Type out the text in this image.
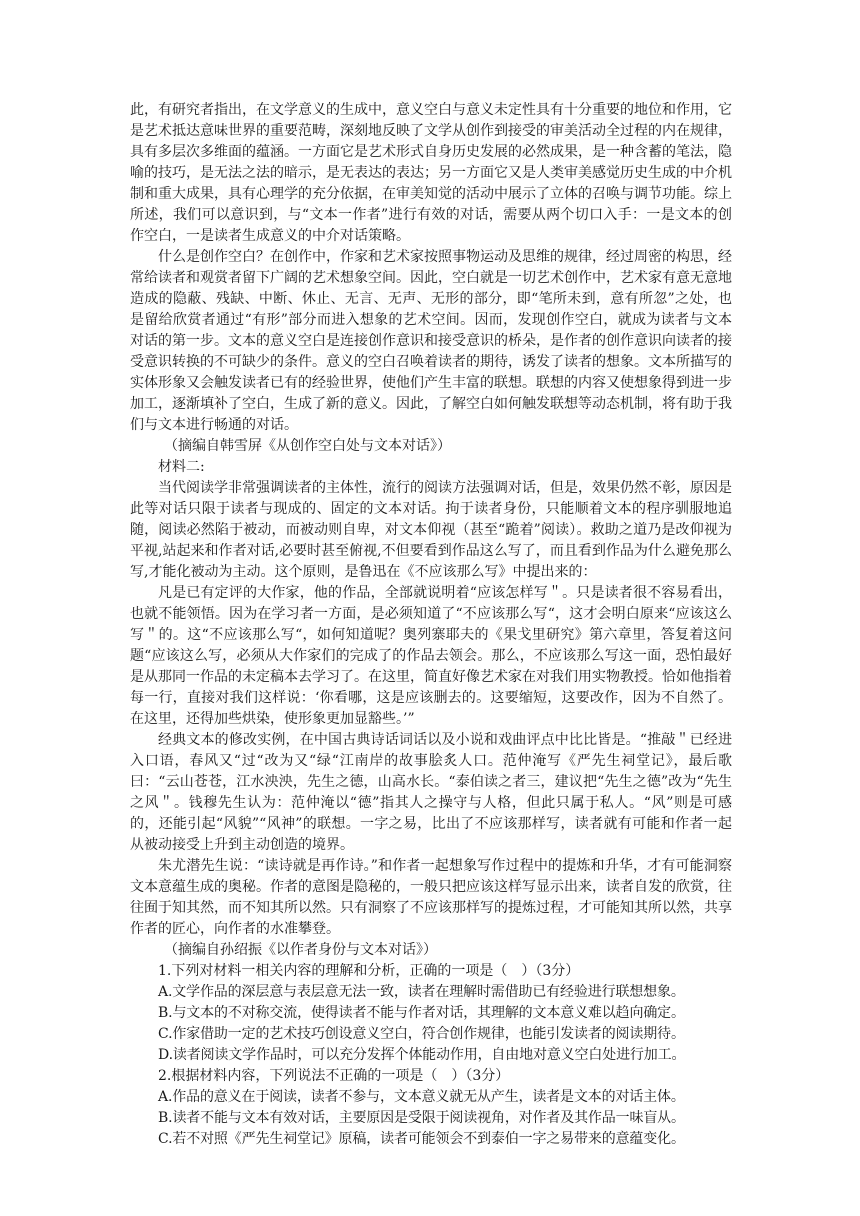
此，有研究者指出，在文学意义的生成中，意义空白与意义未定性具有十分重要的地位和作用，它是艺术抵达意味世界的重要范畴，深刻地反映了文学从创作到接受的审美活动全过程的内在规律，具有多层次多维面的蕴涵。一方面它是艺术形式自身历史发展的必然成果，是一种含蓄的笔法，隐喻的技巧，是无法之法的暗示，是无表达的表达；另一方面它又是人类审美感觉历史生成的中介机制和重大成果，具有心理学的充分依据，在审美知觉的活动中展示了立体的召唤与调节功能。综上所述，我们可以意识到，与“文本一作者”进行有效的对话，需要从两个切口入手：一是文本的创作空白，一是读者生成意义的中介对话策略。

什么是创作空白？在创作中，作家和艺术家按照事物运动及思维的规律，经过周密的构思，经常给读者和观赏者留下广阔的艺术想象空间。因此，空白就是一切艺术创作中，艺术家有意无意地造成的隐蔽、残缺、中断、休止、无言、无声、无形的部分，即“笔所未到，意有所忽”之处，也是留给欣赏者通过“有形”部分而进入想象的艺术空间。因而，发现创作空白，就成为读者与文本对话的第一步。文本的意义空白是连接创作意识和接受意识的桥朵，是作者的创作意识向读者的接受意识转换的不可缺少的条件。意义的空白召唤着读者的期待，诱发了读者的想象。文本所描写的实体形象又会触发读者已有的经验世界，使他们产生丰富的联想。联想的内容又使想象得到进一步加工，逐渐填补了空白，生成了新的意义。因此，了解空白如何触发联想等动态机制，将有助于我们与文本进行畅通的对话。

（摘编自韩雪屏《从创作空白处与文本对话》）

材料二:

当代阅读学非常强调读者的主体性，流行的阅读方法强调对话，但是，效果仍然不彰，原因是此等对话只限于读者与现成的、固定的文本对话。拘于读者身份，只能顺着文本的程序驯服地追随，阅读必然陷于被动，而被动则自卑，对文本仰视（甚至“跪着”阅读）。救助之道乃是改仰视为平视,站起来和作者对话,必要时甚至俯视,不但要看到作品这么写了，而且看到作品为什么避免那么写,才能化被动为主动。这个原则，是鲁迅在《不应该那么写》中提出来的：

凡是已有定评的大作家，他的作品，全部就说明着“应该怎样写＂。只是读者很不容易看出，也就不能领悟。因为在学习者一方面，是必须知道了“不应该那么写“，这才会明白原来“应该这么写＂的。这“不应该那么写“，如何知道呢？奥列寨耶夫的《果戈里研究》第六章里，答复着这问题“应该这么写，必须从大作家们的完成了的作品去领会。那么，不应该那么写这一面，恐怕最好是从那同一作品的未定稿本去学习了。在这里，简直好像艺术家在对我们用实物教授。恰如他指着每一行，直接对我们这样说：‘你看哪，这是应该删去的。这要缩短，这要改作，因为不自然了。在这里，还得加些烘染，使形象更加显豁些。’”

经典文本的修改实例，在中国古典诗话词话以及小说和戏曲评点中比比皆是。“推敲＂已经进入口语，春风又“过“改为又“绿“江南岸的故事脍炙人口。范仲淹写《严先生祠堂记》，最后歌曰：“云山苍苍，江水泱泱，先生之德，山高水长。“泰伯读之者三，建议把“先生之德”改为“先生之风＂。钱穆先生认为：范仲淹以“德”指其人之操守与人格，但此只属于私人。“风”则是可感的，还能引起“风貌”“风神”的联想。一字之易，比出了不应该那样写，读者就有可能和作者一起从被动接受上升到主动创造的境界。

朱尤潜先生说：“读诗就是再作诗。”和作者一起想象写作过程中的提炼和升华，才有可能洞察文本意蕴生成的奥秘。作者的意图是隐秘的，一般只把应该这样写显示出来，读者自发的欣赏，往往囿于知其然，而不知其所以然。只有洞察了不应该那样写的提炼过程，才可能知其所以然，共享作者的匠心，向作者的水准攀登。

（摘编自孙绍振《以作者身份与文本对话》）

1.下列对材料一相关内容的理解和分析，正确的一项是（　）（3分）

A.文学作品的深层意与表层意无法一致，读者在理解时需借助已有经验进行联想想象。

B.与文本的不对称交流，使得读者不能与作者对话，其理解的文本意义难以趋向确定。

C.作家借助一定的艺术技巧创设意义空白，符合创作规律，也能引发读者的阅读期待。

D.读者阅读文学作品时，可以充分发挥个体能动作用，自由地对意义空白处进行加工。

2.根据材料内容，下列说法不正确的一项是（　）（3分）

A.作品的意义在于阅读，读者不参与，文本意义就无从产生，读者是文本的对话主体。

B.读者不能与文本有效对话，主要原因是受限于阅读视角，对作者及其作品一味盲从。

C.若不对照《严先生祠堂记》原稿，读者可能领会不到泰伯一字之易带来的意蕴变化。
